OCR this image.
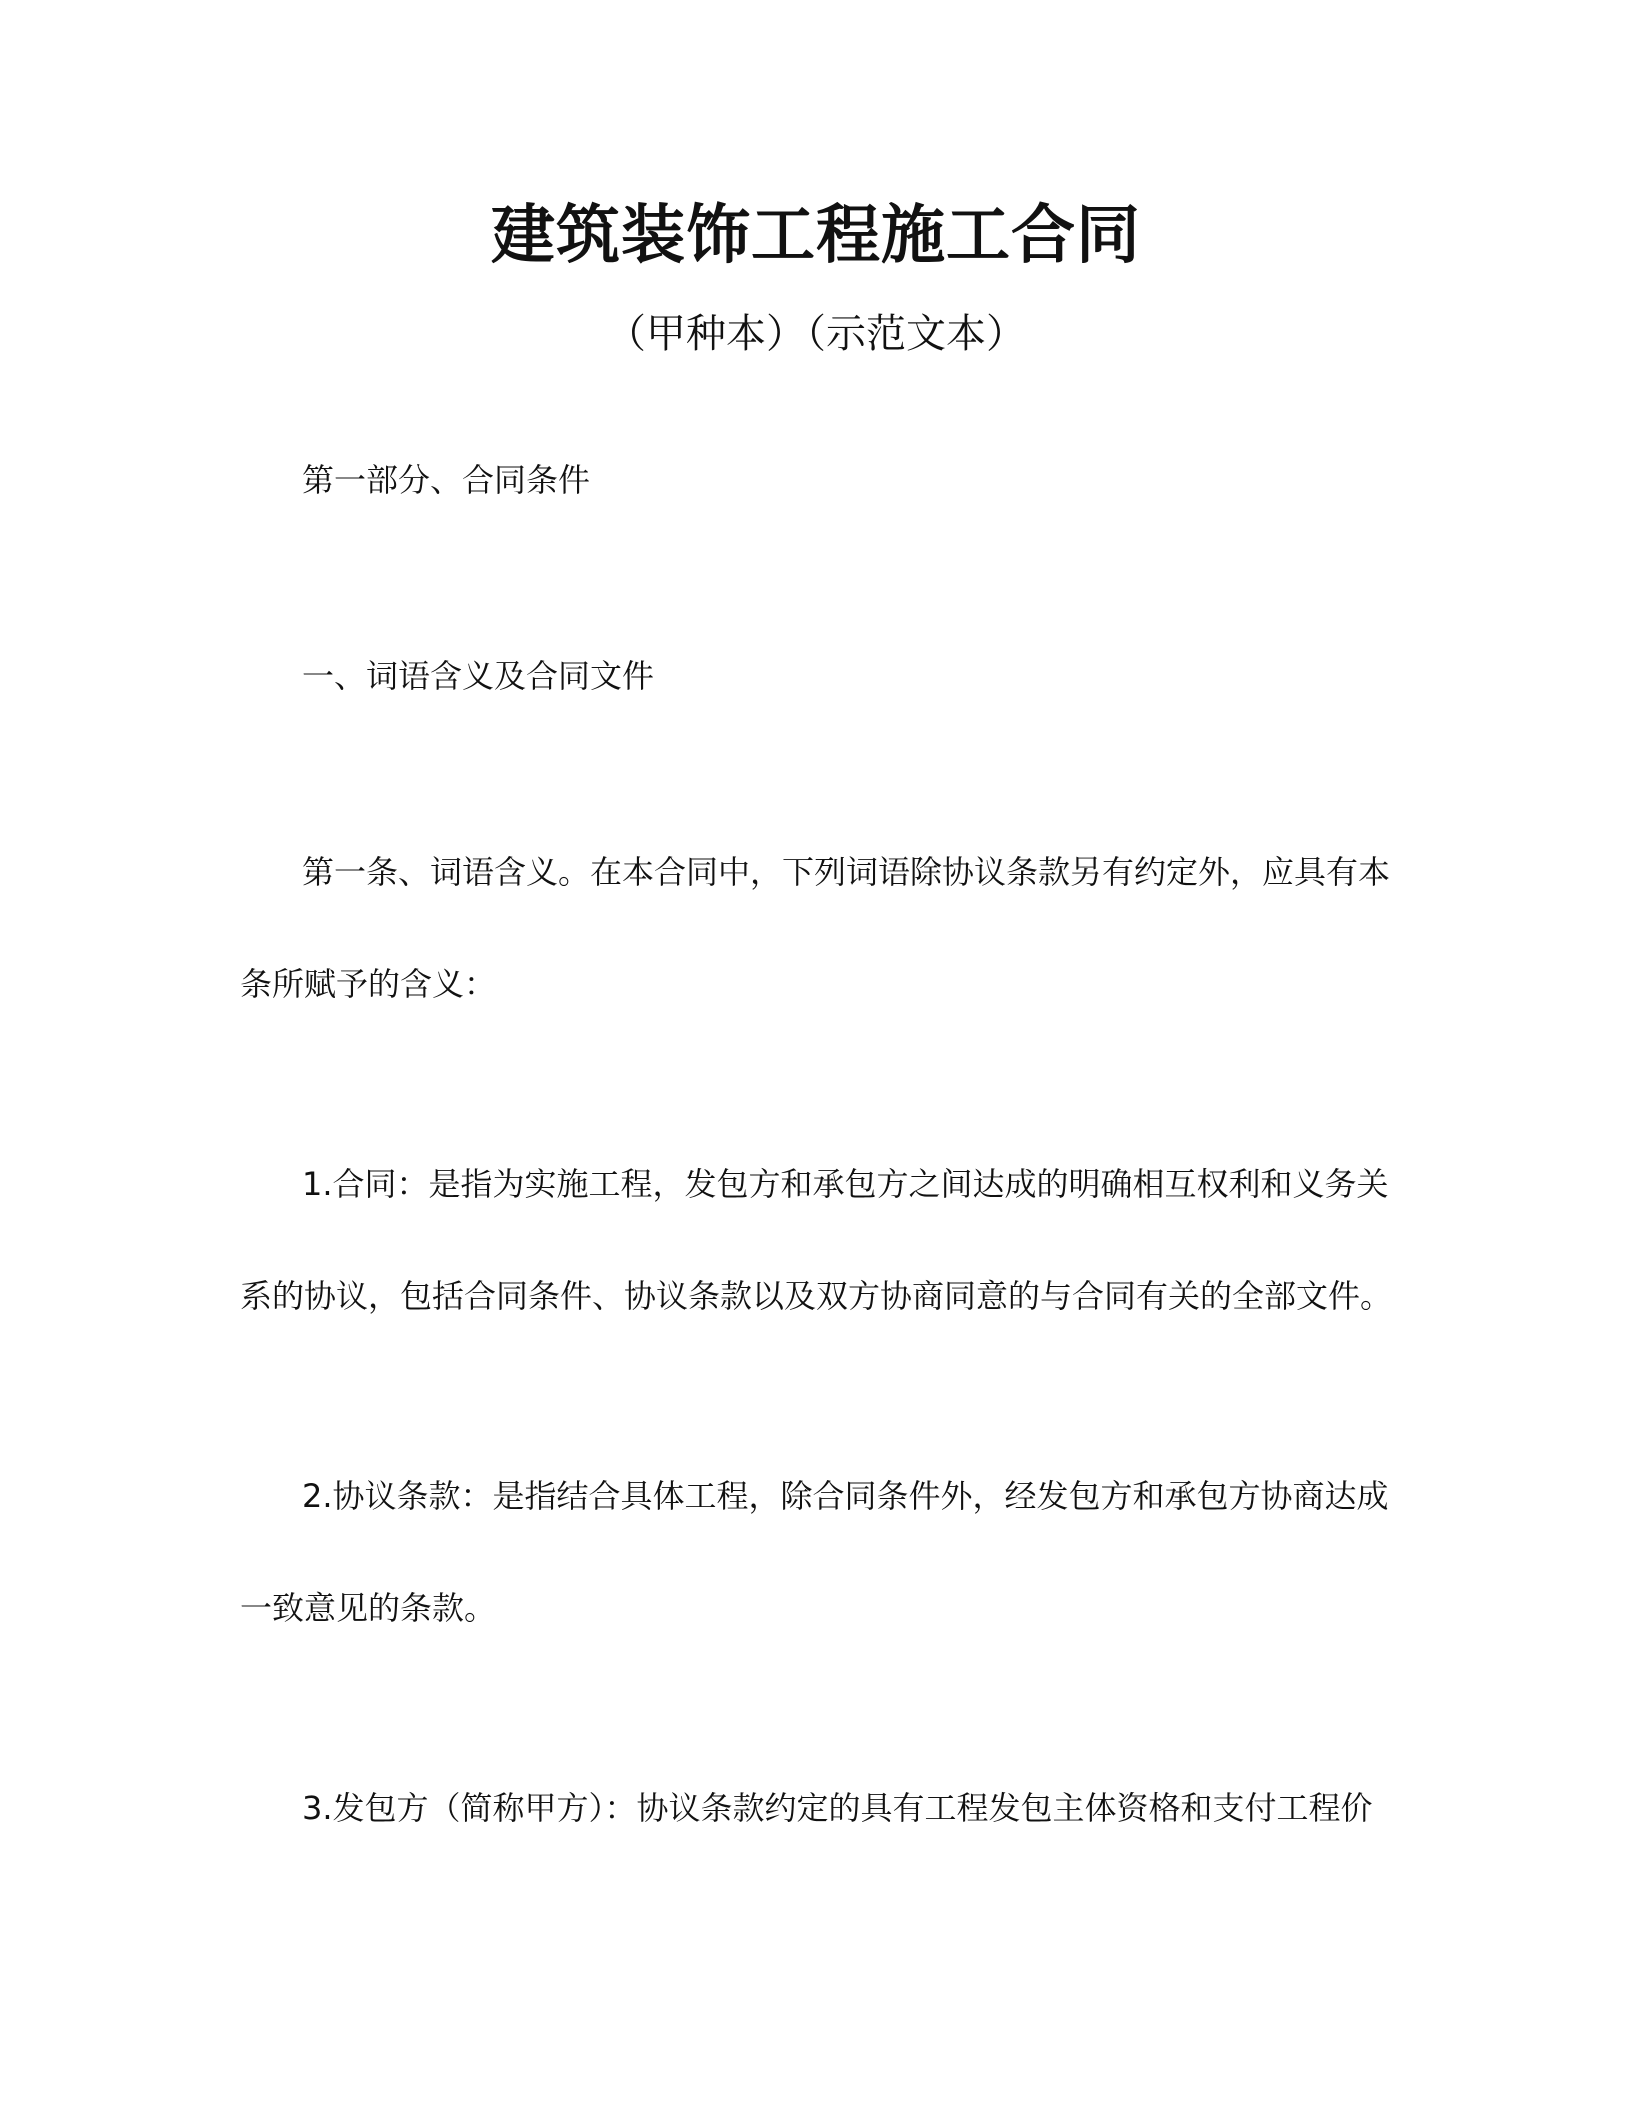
建筑装饰工程施工合同
（甲种本）（示范文本）
第一部分、合同条件
一、词语含义及合同文件
第一条、词语含义。在本合同中，下列词语除协议条款另有约定外，应具有本
条所赋予的含义：
1.合同：是指为实施工程，发包方和承包方之间达成的明确相互权利和义务关
系的协议，包括合同条件、协议条款以及双方协商同意的与合同有关的全部文件。
2.协议条款：是指结合具体工程，除合同条件外，经发包方和承包方协商达成
一致意见的条款。
3.发包方（简称甲方）：协议条款约定的具有工程发包主体资格和支付工程价
